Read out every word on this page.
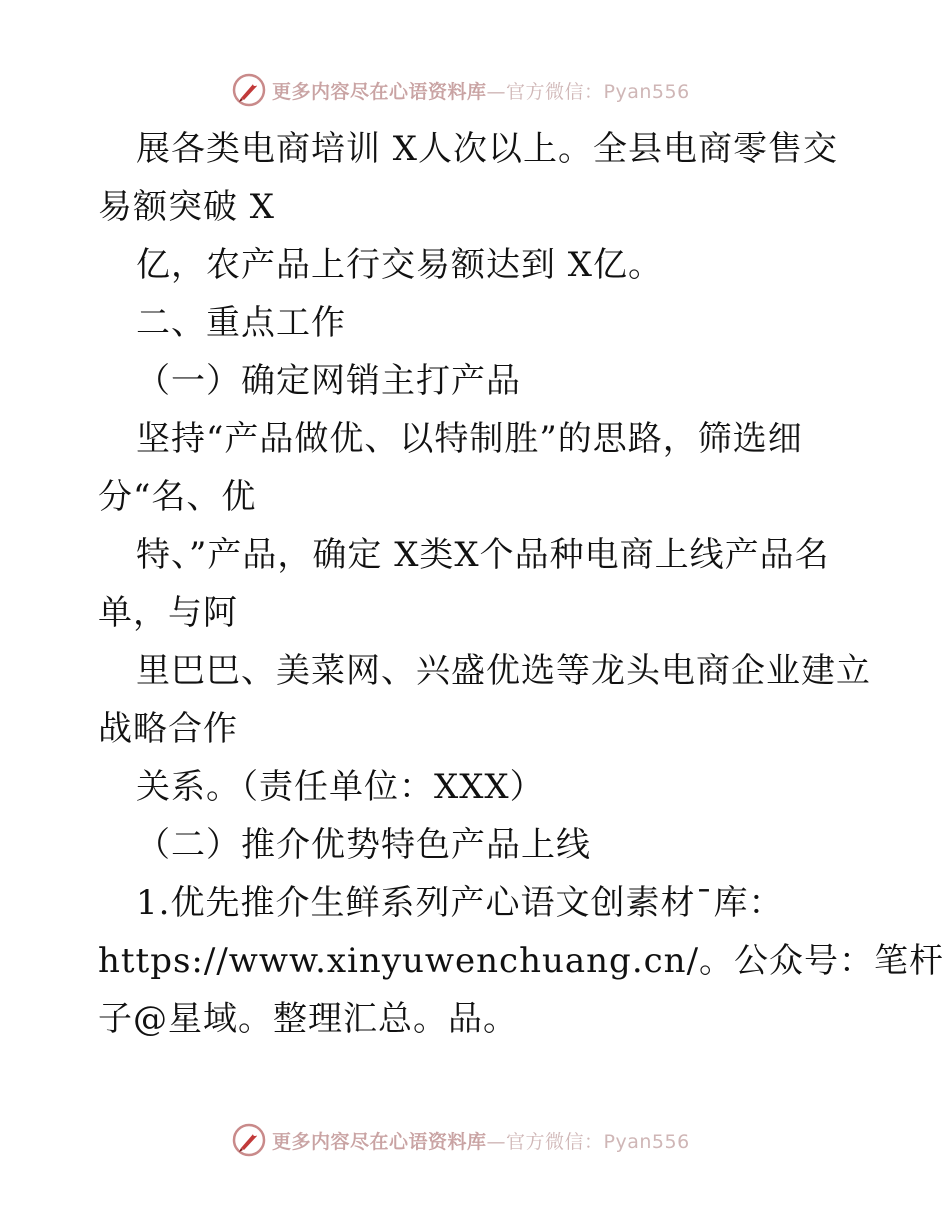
更多内容尽在心语资料库—官方微信：Pyan556
展各类电商培训 X人次以上。全县电商零售交
易额突破 X
亿，农产品上行交易额达到 X亿。
二、重点工作
（一）确定网销主打产品
坚持“产品做优、以特制胜”的思路，筛选细
分“名、优
特、”产品，确定 X类X个品种电商上线产品名
单，与阿
里巴巴、美菜网、兴盛优选等龙头电商企业建立
战略合作
关系。（责任单位：XXX）
（二）推介优势特色产品上线
1.优先推介生鲜系列产心语文创素材¯库：
https://www.xinyuwenchuang.cn/。公众号：笔杆
子@星域。整理汇总。品。
更多内容尽在心语资料库—官方微信：Pyan556
